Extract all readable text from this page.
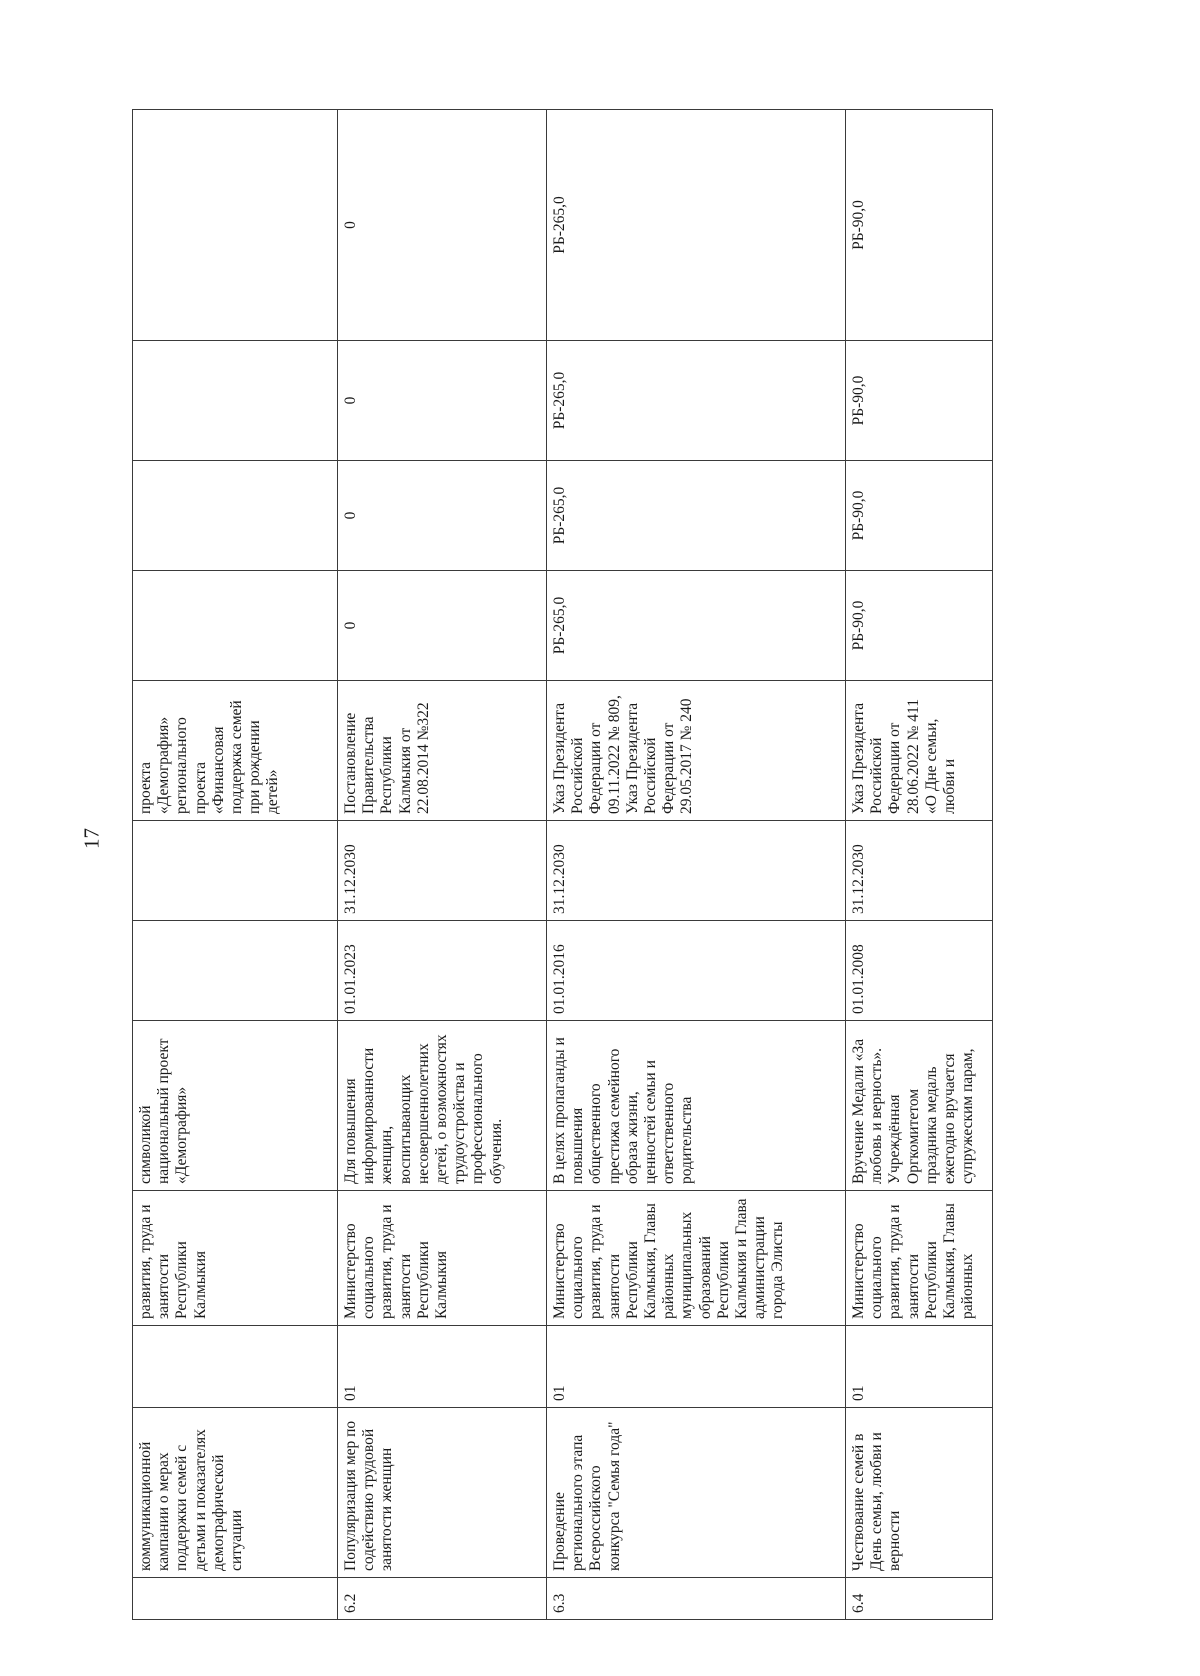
17
	коммуникационной кампании о мерах поддержки семей с детьми и показателях демографической ситуации		развития, труда и занятости Республики Калмыкия	символикой национальный проект «Демография»			проекта «Демография» регионального проекта «Финансовая поддержка семей при рождении детей»				
6.2	Популяризация мер по содействию трудовой занятости женщин	01	Министерство социального развития, труда и занятости Республики Калмыкия	Для повышения информированности женщин, воспитывающих несовершеннолетних детей, о возможностях трудоустройства и профессионального обучения.	01.01.2023	31.12.2030	Постановление Правительства Республики Калмыкия от 22.08.2014 №322	0	0	0	0
6.3	Проведение регионального этапа Всероссийского конкурса "Семья года"	01	Министерство социального развития, труда и занятости Республики Калмыкия, Главы районных муниципальных образований Республики Калмыкия и Глава администрации города Элисты	В целях пропаганды и повышения общественного престижа семейного образа жизни, ценностей семьи и ответственного родительства	01.01.2016	31.12.2030	Указ Президента Российской Федерации от 09.11.2022 № 809, Указ Президента Российской Федерации от 29.05.2017 № 240	РБ-265,0	РБ-265,0	РБ-265,0	РБ-265,0
6.4	Чествование семей в День семьи, любви и верности	01	Министерство социального развития, труда и занятости Республики Калмыкия, Главы районных	Вручение Медали «За любовь и верность». Учреждённая Оргкомитетом праздника медаль ежегодно вручается супружеским парам,	01.01.2008	31.12.2030	Указ Президента Российской Федерации от 28.06.2022 № 411 «О Дне семьи, любви и	РБ-90,0	РБ-90,0	РБ-90,0	РБ-90,0
